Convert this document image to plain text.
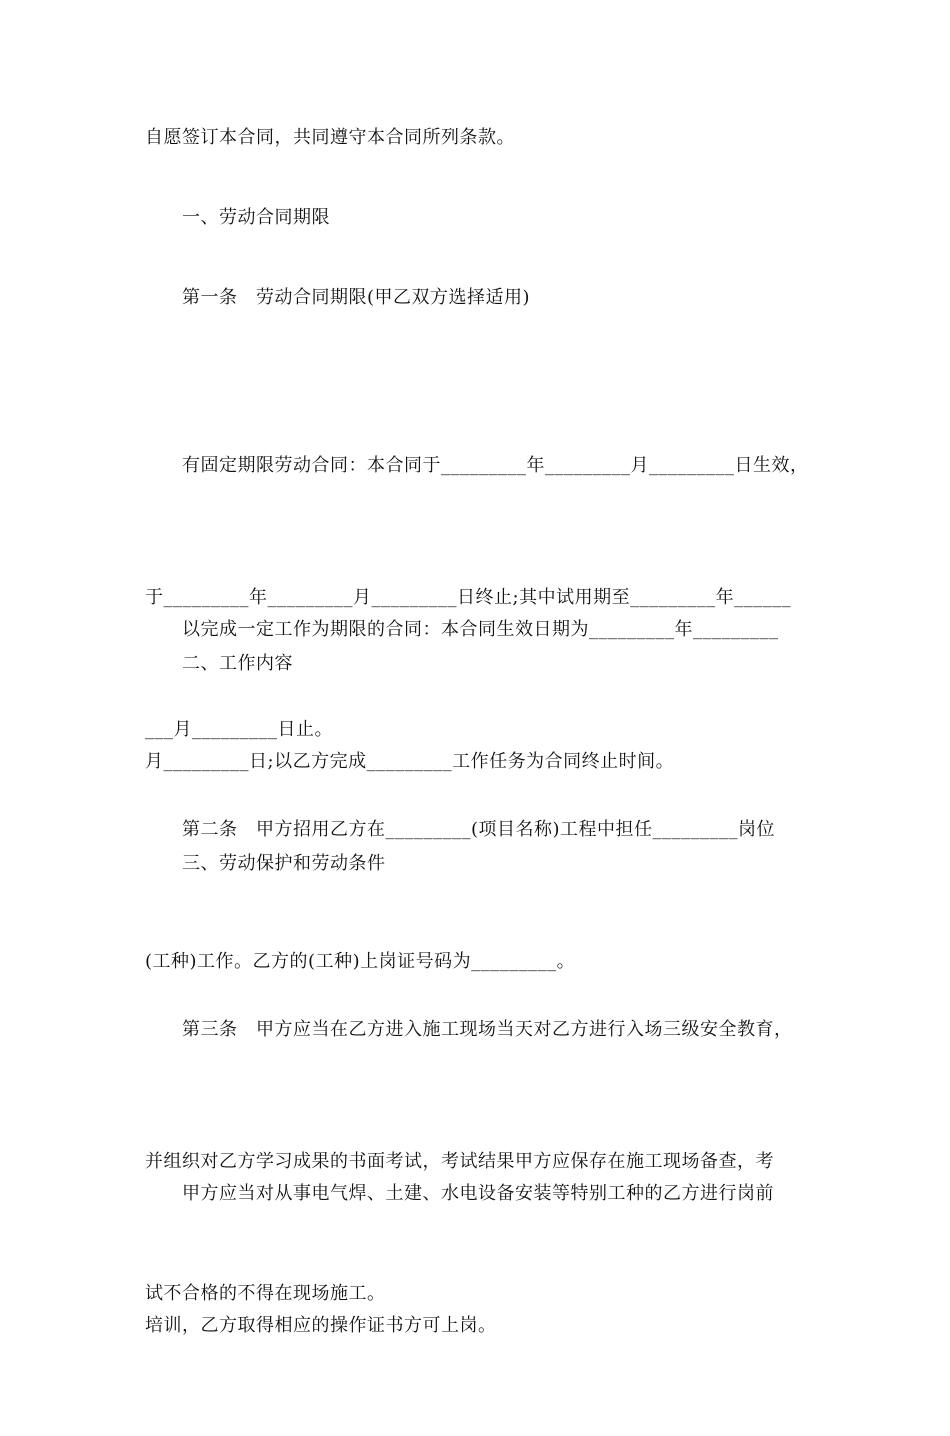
自愿签订本合同，共同遵守本合同所列条款。
　　一、劳动合同期限
　　第一条　劳动合同期限(甲乙双方选择适用)

　　有固定期限劳动合同：本合同于_________年_________月_________日生效，

于_________年_________月_________日终止;其中试用期至_________年______

___月_________日止。

　　以完成一定工作为期限的合同：本合同生效日期为_________年_________

月_________日;以乙方完成_________工作任务为合同终止时间。

　　二、工作内容

　　第二条　甲方招用乙方在_________(项目名称)工程中担任_________岗位

(工种)工作。乙方的(工种)上岗证号码为_________。

　　三、劳动保护和劳动条件

　　第三条　甲方应当在乙方进入施工现场当天对乙方进行入场三级安全教育，

并组织对乙方学习成果的书面考试，考试结果甲方应保存在施工现场备查，考

试不合格的不得在现场施工。

　　甲方应当对从事电气焊、土建、水电设备安装等特别工种的乙方进行岗前

培训，乙方取得相应的操作证书方可上岗。
